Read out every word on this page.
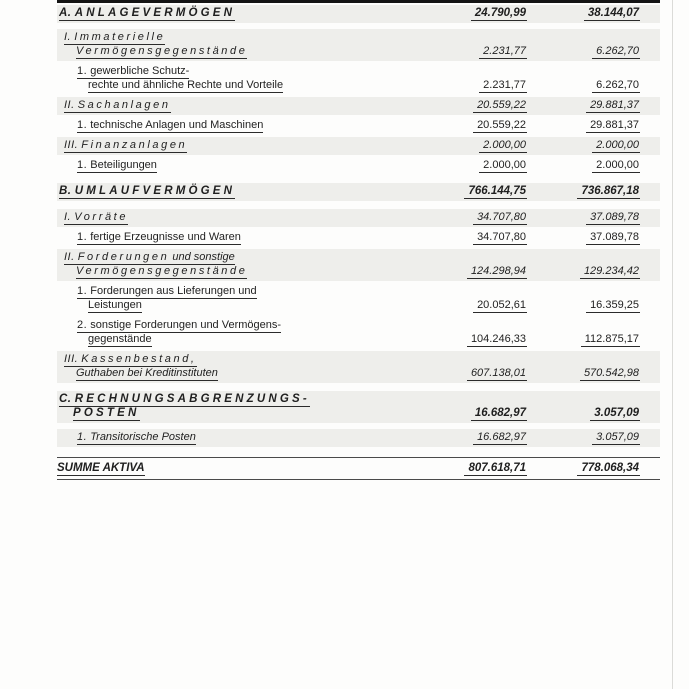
A. ANLAGEVERMÖGEN	24.790,99	38.144,07
I. Immaterielle
Vermögensgegenstände	2.231,77	6.262,70
1. gewerbliche Schutz-
rechte und ähnliche Rechte und Vorteile	2.231,77	6.262,70
II. Sachanlagen	20.559,22	29.881,37
1. technische Anlagen und Maschinen	20.559,22	29.881,37
III. Finanzanlagen	2.000,00	2.000,00
1. Beteiligungen	2.000,00	2.000,00
B. UMLAUFVERMÖGEN	766.144,75	736.867,18
I. Vorräte	34.707,80	37.089,78
1. fertige Erzeugnisse und Waren	34.707,80	37.089,78
II. Forderungen und sonstige
Vermögensgegenstände	124.298,94	129.234,42
1. Forderungen aus Lieferungen und
Leistungen	20.052,61	16.359,25
2. sonstige Forderungen und Vermögens-
gegenstände	104.246,33	112.875,17
III. Kassenbestand,
Guthaben bei Kreditinstituten	607.138,01	570.542,98
C. RECHNUNGSABGRENZUNGS-
POSTEN	16.682,97	3.057,09
1. Transitorische Posten	16.682,97	3.057,09
SUMME AKTIVA	807.618,71	778.068,34
